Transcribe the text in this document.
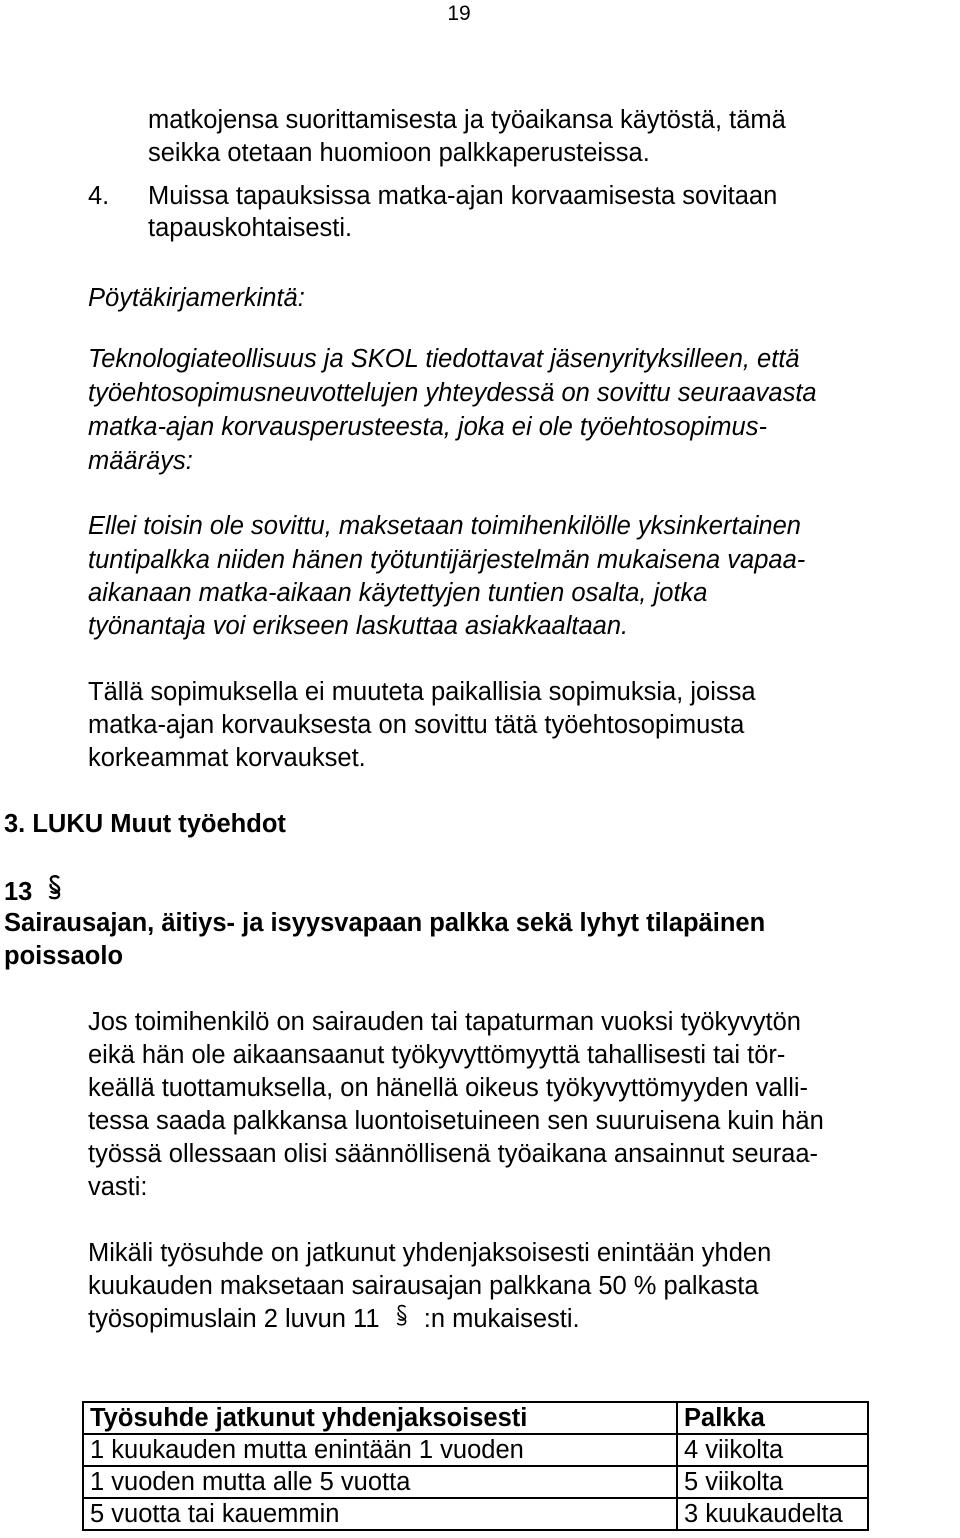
19
matkojensa suorittamisesta ja työaikansa käytöstä, tämä
seikka otetaan huomioon palkkaperusteissa.
4. Muissa tapauksissa matka-ajan korvaamisesta sovitaan
tapauskohtaisesti.
Pöytäkirjamerkintä:
Teknologiateollisuus ja SKOL tiedottavat jäsenyrityksilleen, että
työehtosopimusneuvottelujen yhteydessä on sovittu seuraavasta
matka-ajan korvausperusteesta, joka ei ole työehtosopimus-
määräys:
Ellei toisin ole sovittu, maksetaan toimihenkilölle yksinkertainen
tuntipalkka niiden hänen työtuntijärjestelmän mukaisena vapaa-
aikanaan matka-aikaan käytettyjen tuntien osalta, jotka
työnantaja voi erikseen laskuttaa asiakkaaltaan.
Tällä sopimuksella ei muuteta paikallisia sopimuksia, joissa
matka-ajan korvauksesta on sovittu tätä työehtosopimusta
korkeammat korvaukset.
3. LUKU Muut työehdot
13
Sairausajan, äitiys- ja isyysvapaan palkka sekä lyhyt tilapäinen
poissaolo
Jos toimihenkilö on sairauden tai tapaturman vuoksi työkyvytön
eikä hän ole aikaansaanut työkyvyttömyyttä tahallisesti tai tör-
keällä tuottamuksella, on hänellä oikeus työkyvyttömyyden valli-
tessa saada palkkansa luontoisetuineen sen suuruisena kuin hän
työssä ollessaan olisi säännöllisenä työaikana ansainnut seuraa-
vasti:
Mikäli työsuhde on jatkunut yhdenjaksoisesti enintään yhden
kuukauden maksetaan sairausajan palkkana 50 % palkasta
työsopimuslain 2 luvun 11 :n mukaisesti.
Työsuhde jatkunut yhdenjaksoisesti	Palkka
1 kuukauden mutta enintään 1 vuoden	4 viikolta
1 vuoden mutta alle 5 vuotta	5 viikolta
5 vuotta tai kauemmin	3 kuukaudelta
